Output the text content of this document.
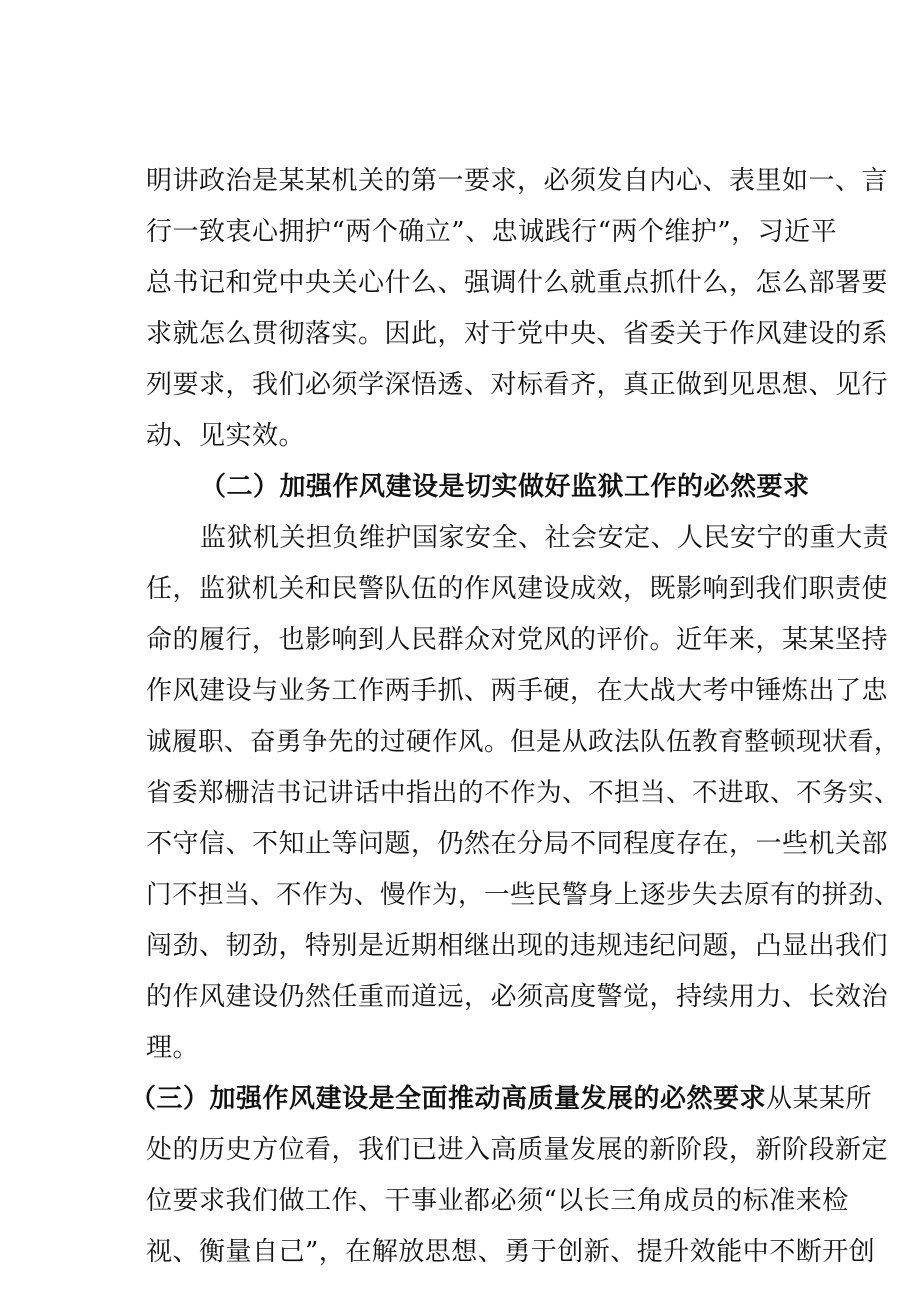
明讲政治是某某机关的第一要求，必须发自内心、表里如一、言
行一致衷心拥护“两个确立”、忠诚践行“两个维护”，习近平
总书记和党中央关心什么、强调什么就重点抓什么，怎么部署要
求就怎么贯彻落实。因此，对于党中央、省委关于作风建设的系
列要求，我们必须学深悟透、对标看齐，真正做到见思想、见行
动、见实效。
（二）加强作风建设是切实做好监狱工作的必然要求
监狱机关担负维护国家安全、社会安定、人民安宁的重大责
任，监狱机关和民警队伍的作风建设成效，既影响到我们职责使
命的履行，也影响到人民群众对党风的评价。近年来，某某坚持
作风建设与业务工作两手抓、两手硬，在大战大考中锤炼出了忠
诚履职、奋勇争先的过硬作风。但是从政法队伍教育整顿现状看，
省委郑栅洁书记讲话中指出的不作为、不担当、不进取、不务实、
不守信、不知止等问题，仍然在分局不同程度存在，一些机关部
门不担当、不作为、慢作为，一些民警身上逐步失去原有的拼劲、
闯劲、韧劲，特别是近期相继出现的违规违纪问题，凸显出我们
的作风建设仍然任重而道远，必须高度警觉，持续用力、长效治
理。
（三）加强作风建设是全面推动高质量发展的必然要求从某某所
处的历史方位看，我们已进入高质量发展的新阶段，新阶段新定
位要求我们做工作、干事业都必须“以长三角成员的标准来检
视、衡量自己”，在解放思想、勇于创新、提升效能中不断开创
